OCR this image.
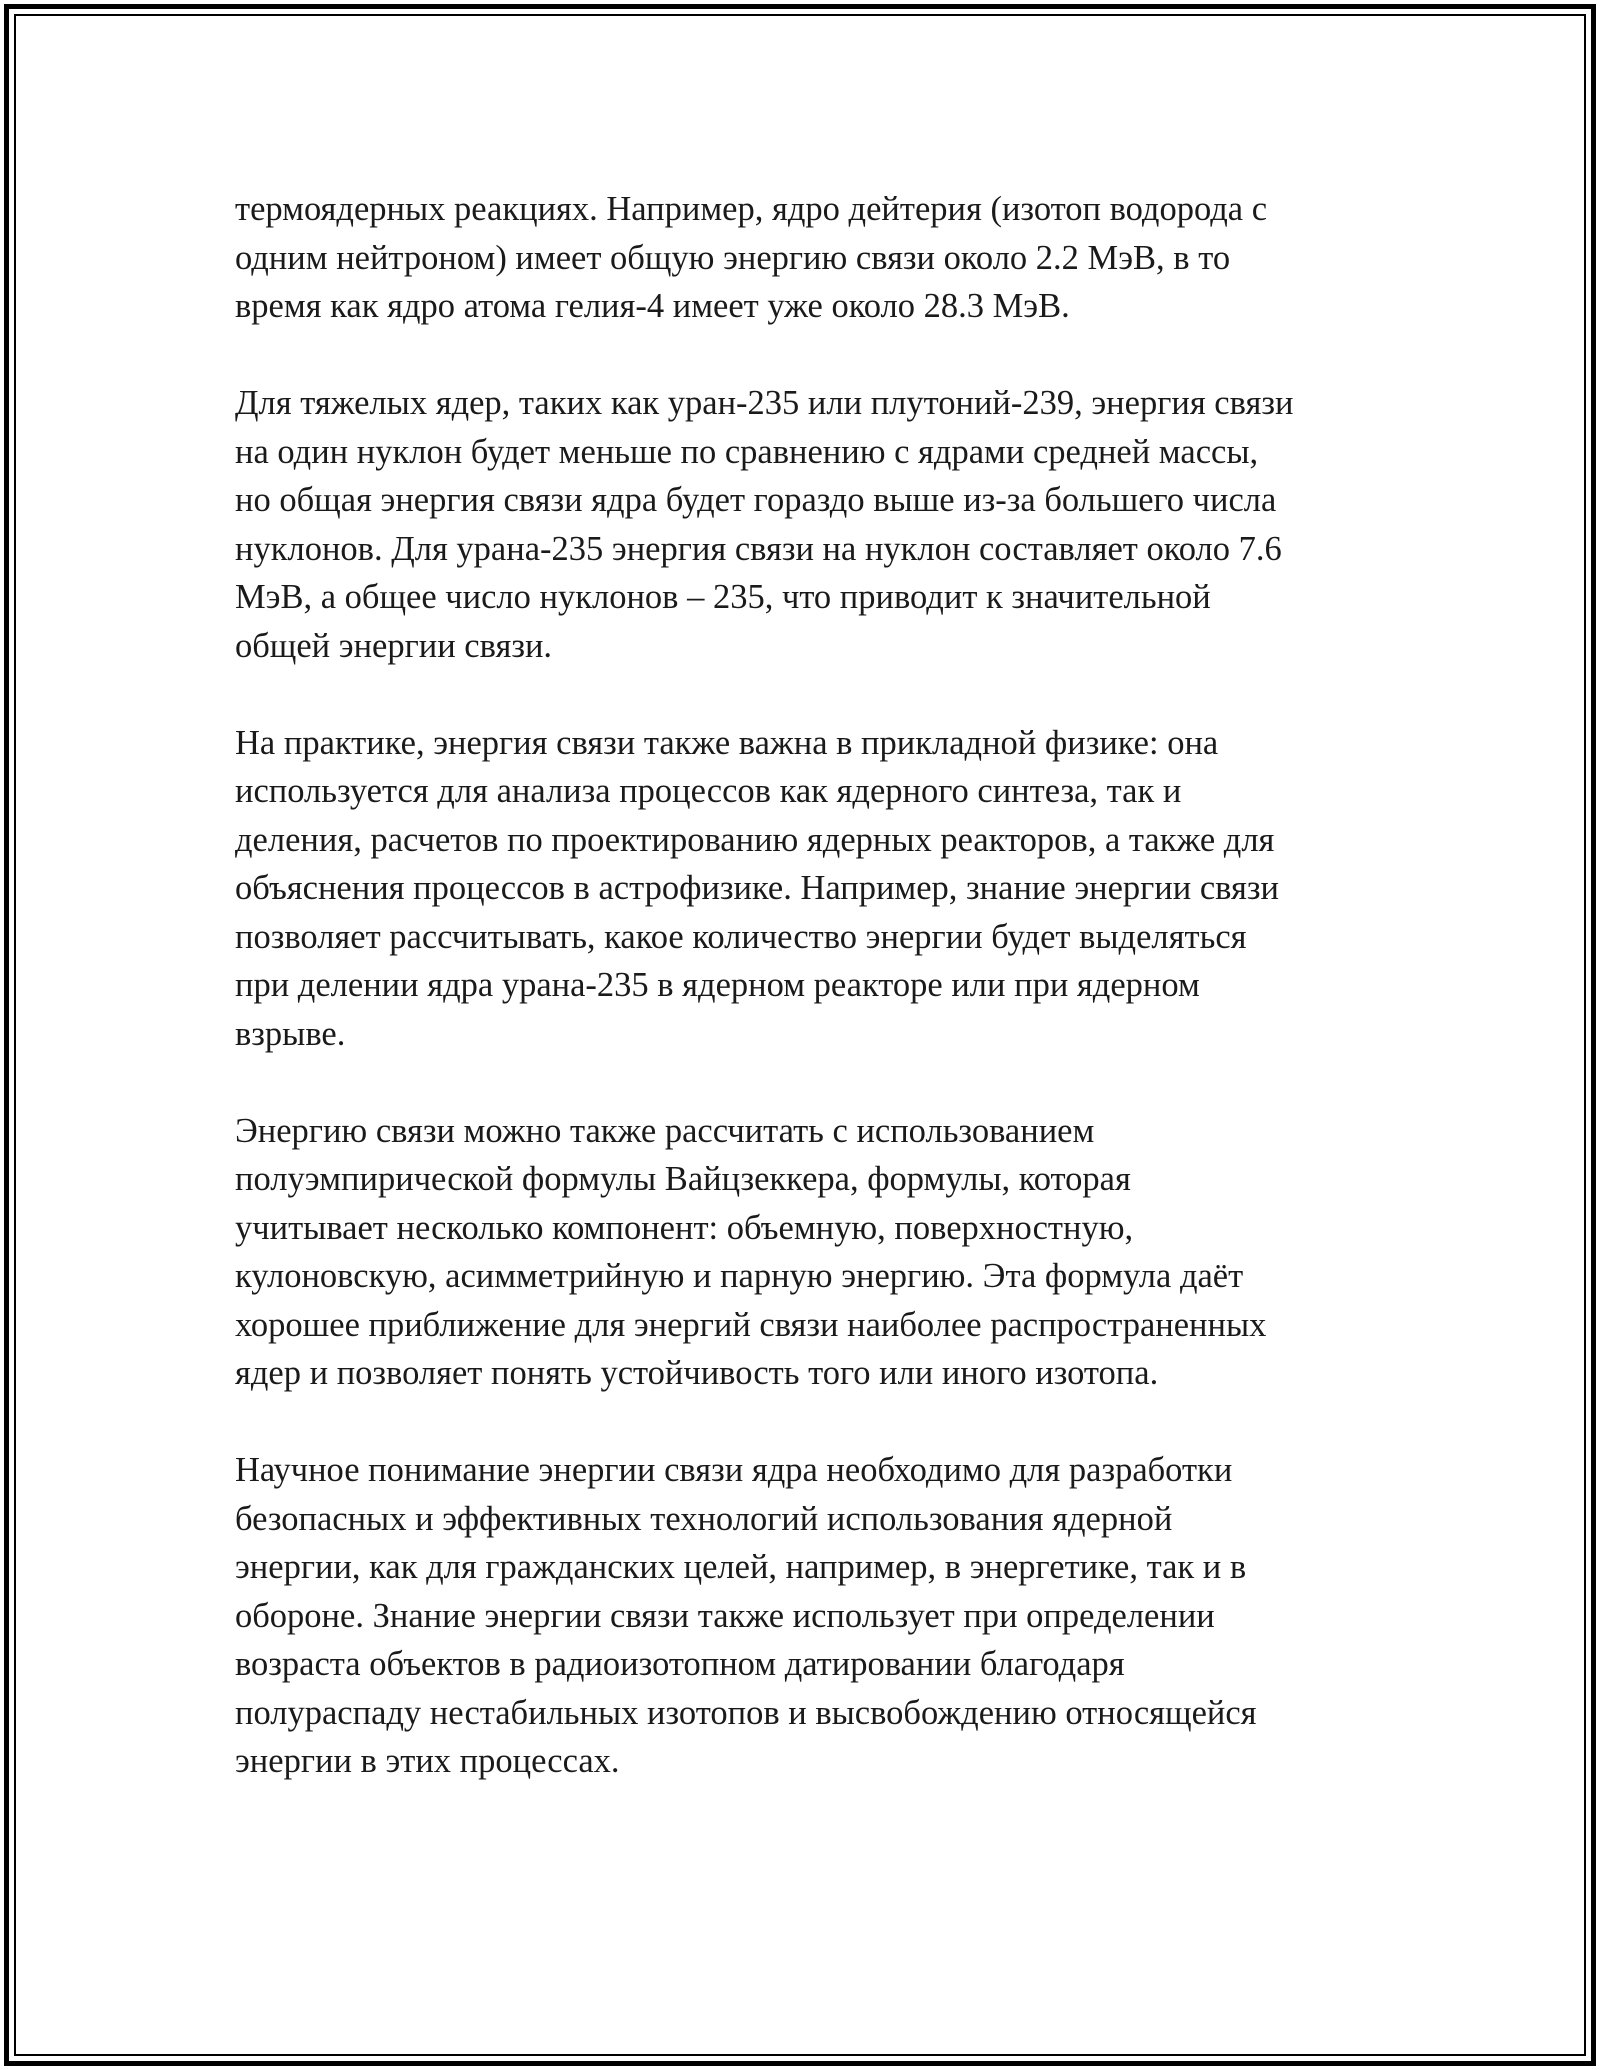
термоядерных реакциях. Например, ядро дейтерия (изотоп водорода с
одним нейтроном) имеет общую энергию связи около 2.2 МэВ, в то
время как ядро атома гелия-4 имеет уже около 28.3 МэВ.

Для тяжелых ядер, таких как уран-235 или плутоний-239, энергия связи
на один нуклон будет меньше по сравнению с ядрами средней массы,
но общая энергия связи ядра будет гораздо выше из-за большего числа
нуклонов. Для урана-235 энергия связи на нуклон составляет около 7.6
МэВ, а общее число нуклонов – 235, что приводит к значительной
общей энергии связи.

На практике, энергия связи также важна в прикладной физике: она
используется для анализа процессов как ядерного синтеза, так и
деления, расчетов по проектированию ядерных реакторов, а также для
объяснения процессов в астрофизике. Например, знание энергии связи
позволяет рассчитывать, какое количество энергии будет выделяться
при делении ядра урана-235 в ядерном реакторе или при ядерном
взрыве.

Энергию связи можно также рассчитать с использованием
полуэмпирической формулы Вайцзеккера, формулы, которая
учитывает несколько компонент: объемную, поверхностную,
кулоновскую, асимметрийную и парную энергию. Эта формула даёт
хорошее приближение для энергий связи наиболее распространенных
ядер и позволяет понять устойчивость того или иного изотопа.

Научное понимание энергии связи ядра необходимо для разработки
безопасных и эффективных технологий использования ядерной
энергии, как для гражданских целей, например, в энергетике, так и в
обороне. Знание энергии связи также использует при определении
возраста объектов в радиоизотопном датировании благодаря
полураспаду нестабильных изотопов и высвобождению относящейся
энергии в этих процессах.
